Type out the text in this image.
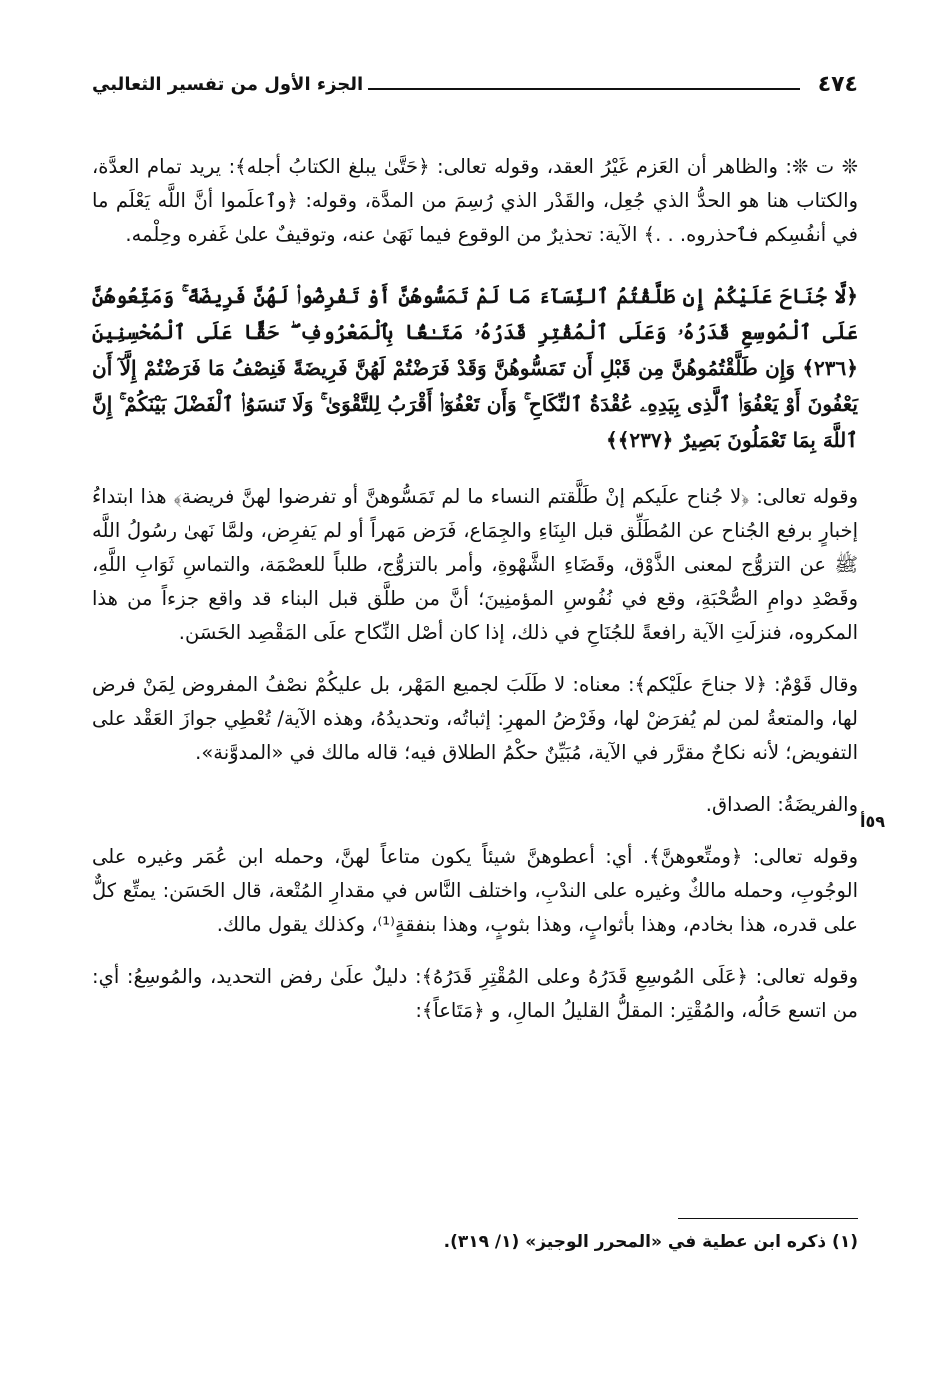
٤٧٤
الجزء الأول من تفسير الثعالبي

❊ ت ❊: والظاهر أن العَزم غَيْرُ العقد، وقوله تعالى: ﴿حَتَّىٰ يبلغ الكتابُ أجله﴾: يريد تمام العدَّة، والكتاب هنا هو الحدُّ الذي جُعِل، والقَدْر الذي رُسِمَ من المدَّة، وقوله: ﴿وٱعلَموا أنَّ اللَّه يَعْلَم ما في أنفُسِكم فٱحذروه. . .﴾ الآية: تحذيرٌ من الوقوع فيما نَهَىٰ عنه، وتوقيفٌ علىٰ غَفره وحِلْمه.

﴿لَّا جُنَاحَ عَلَيْكُمْ إِن طَلَّقْتُمُ ٱلنِّسَآءَ مَا لَمْ تَمَسُّوهُنَّ أَوْ تَفْرِضُوا۟ لَهُنَّ فَرِيضَةً ۚ وَمَتِّعُوهُنَّ عَلَى ٱلْمُوسِعِ قَدَرُهُۥ وَعَلَى ٱلْمُقْتِرِ قَدَرُهُۥ مَتَـٰعًۢا بِٱلْمَعْرُوفِ ۖ حَقًّا عَلَى ٱلْمُحْسِنِينَ ﴿٢٣٦﴾ وَإِن طَلَّقْتُمُوهُنَّ مِن قَبْلِ أَن تَمَسُّوهُنَّ وَقَدْ فَرَضْتُمْ لَهُنَّ فَرِيضَةً فَنِصْفُ مَا فَرَضْتُمْ إِلَّآ أَن يَعْفُونَ أَوْ يَعْفُوَا۟ ٱلَّذِى بِيَدِهِۦ عُقْدَةُ ٱلنِّكَاحِ ۚ وَأَن تَعْفُوٓا۟ أَقْرَبُ لِلتَّقْوَىٰ ۚ وَلَا تَنسَوُا۟ ٱلْفَضْلَ بَيْنَكُمْ ۚ إِنَّ ٱللَّهَ بِمَا تَعْمَلُونَ بَصِيرٌ ﴿٢٣٧﴾﴾

وقوله تعالى: ﴿لا جُناح علَيكم إنْ طَلَّقتم النساء ما لم تَمَسُّوهنَّ أو تفرضوا لهنَّ فريضة﴾ هذا ابتداءُ إخبارٍ برفع الجُناح عن المُطَلِّق قبل البِنَاءِ والجِمَاع، فَرَض مَهراً أو لم يَفرِض، ولمَّا نَهىٰ رسُولُ اللَّه ﷺ عن التزوُّج لمعنى الذَّوْق، وقَضَاءِ الشَّهْوةِ، وأمر بالتزوُّج، طلباً للعصْمَة، والتماسِ ثَوَابِ اللَّهِ، وقَصْدِ دوامِ الصُّحْبَةِ، وقع في نُفُوسِ المؤمنِينَ؛ أنَّ من طلَّق قبل البناء قد واقع جزءاً من هذا المكروه، فنزلَتِ الآية رافعةً للجُنَاحِ في ذلك، إذا كان أصْل النِّكاح علَى المَقْصِد الحَسَن.

وقال قَوْمٌ: ﴿لا جناحَ علَيْكم﴾: معناه: لا طَلَبَ لجميع المَهْر، بل عليكُمْ نصْفُ المفروض لِمَنْ فرض لها، والمتعةُ لمن لم يُفرَضْ لها، وفَرْضُ المهرِ: إثباتُه، وتحديدُهُ، وهذه الآية/ تُعْطِي جوازَ العَقْد على التفويض؛ لأنه نكاحٌ مقرَّر في الآية، مُبَيِّنٌ حكْمُ الطلاق فيه؛ قاله مالك في «المدوَّنة».

والفريضَةُ: الصداق.

وقوله تعالى: ﴿ومتِّعوهنَّ﴾. أي: أعطوهنَّ شيئاً يكون متاعاً لهنَّ، وحمله ابن عُمَر وغيره على الوجُوبِ، وحمله مالكٌ وغيره على الندْبِ، واختلف النَّاس في مقدارِ المُتْعة، قال الحَسَن: يمتِّع كلٌّ على قدره، هذا بخادم، وهذا بأثوابٍ، وهذا بثوبٍ، وهذا بنفقةٍ⁽¹⁾، وكذلك يقول مالك.

وقوله تعالى: ﴿عَلَى المُوسِعِ قَدَرُهُ وعلى المُقْتِرِ قَدَرُهُ﴾: دليلٌ علَىٰ رفض التحديد، والمُوسِعُ: أي: من اتسع حَالُه، والمُقْتِر: المقلُّ القليلُ المالِ، و ﴿مَتَاعاً﴾:

٥٩أ
(١) ذكره ابن عطية في «المحرر الوجيز» (١/ ٣١٩).
